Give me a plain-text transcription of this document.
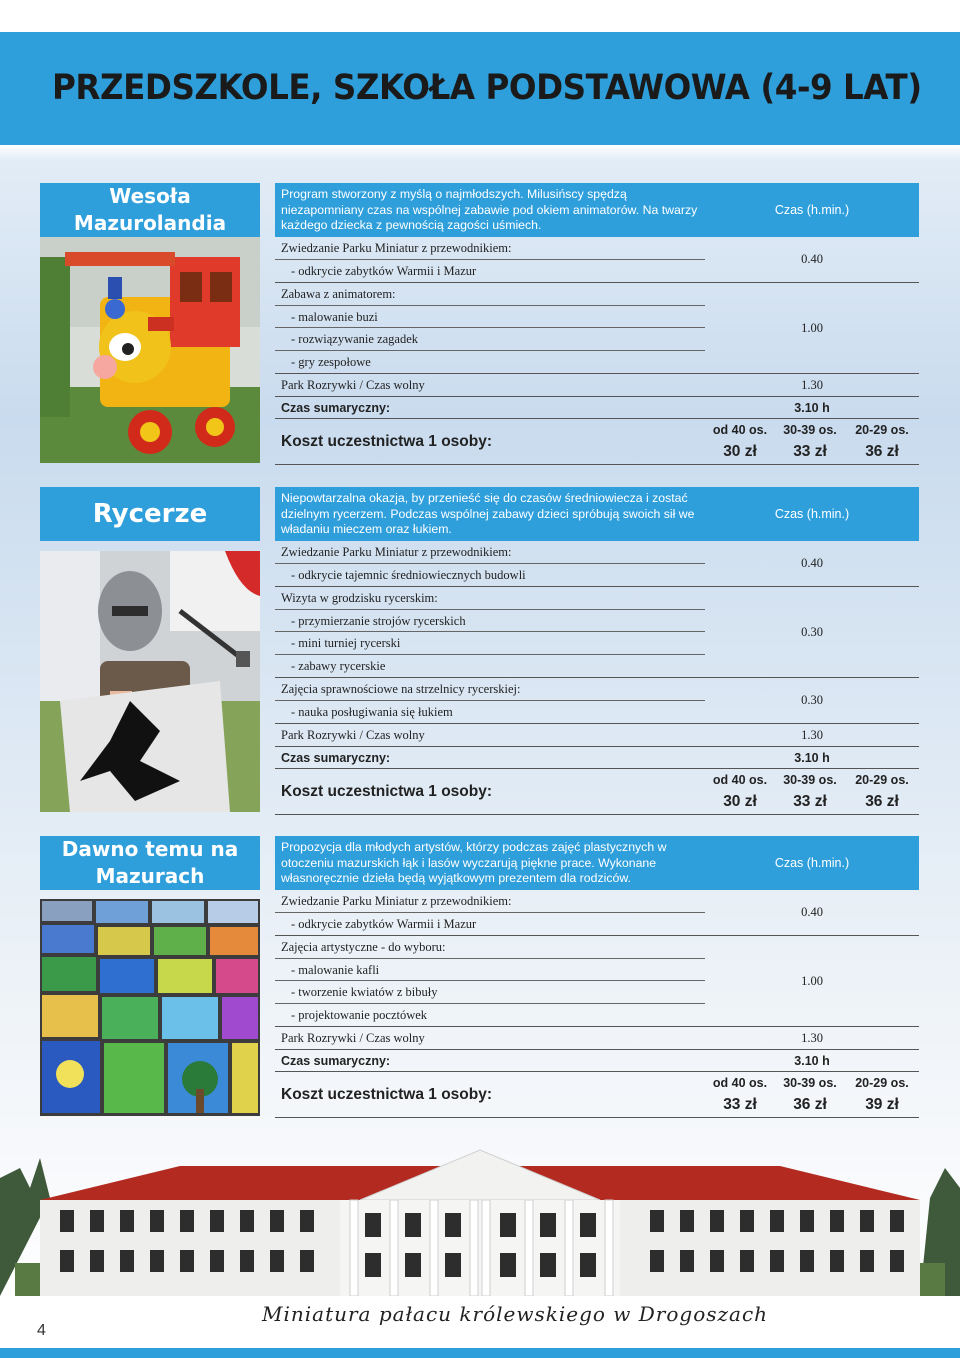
PRZEDSZKOLE, SZKOŁA PODSTAWOWA (4-9 LAT)
Wesoła Mazurolandia
Program stworzony z myślą o najmłodszych. Milusińscy spędzą niezapomniany czas na wspólnej zabawie pod okiem animatorów. Na twarzy każdego dziecka z pewnością zagości uśmiech.
Czas (h.min.)
Zwiedzanie Parku Miniatur z przewodnikiem:
- odkrycie zabytków Warmii i Mazur
0.40
Zabawa z animatorem:
- malowanie buzi
- rozwiązywanie zagadek
- gry zespołowe
1.00
Park Rozrywki / Czas wolny	1.30
Czas sumaryczny:	3.10 h
Koszt uczestnictwa 1 osoby:
od 40 os.	30-39 os.	20-29 os.
30 zł	33 zł	36 zł
Rycerze
Niepowtarzalna okazja, by przenieść się do czasów średniowiecza i zostać dzielnym rycerzem. Podczas wspólnej zabawy dzieci spróbują swoich sił we władaniu mieczem oraz łukiem.
Czas (h.min.)
Zwiedzanie Parku Miniatur z przewodnikiem:
- odkrycie tajemnic średniowiecznych budowli
0.40
Wizyta w grodzisku rycerskim:
- przymierzanie strojów rycerskich
- mini turniej rycerski
- zabawy rycerskie
0.30
Zajęcia sprawnościowe na strzelnicy rycerskiej:
- nauka posługiwania się łukiem
0.30
Park Rozrywki / Czas wolny	1.30
Czas sumaryczny:	3.10 h
Koszt uczestnictwa 1 osoby:
od 40 os.	30-39 os.	20-29 os.
30 zł	33 zł	36 zł
Dawno temu na Mazurach
Propozycja dla młodych artystów, którzy podczas zajęć plastycznych w otoczeniu mazurskich łąk i lasów wyczarują piękne prace. Wykonane własnoręcznie dzieła będą wyjątkowym prezentem dla rodziców.
Czas (h.min.)
Zwiedzanie Parku Miniatur z przewodnikiem:
- odkrycie zabytków Warmii i Mazur
0.40
Zajęcia artystyczne - do wyboru:
- malowanie kafli
- tworzenie kwiatów z bibuły
- projektowanie pocztówek
1.00
Park Rozrywki / Czas wolny	1.30
Czas sumaryczny:	3.10 h
Koszt uczestnictwa 1 osoby:
od 40 os.	30-39 os.	20-29 os.
33 zł	36 zł	39 zł
Miniatura pałacu królewskiego w Drogoszach
4
